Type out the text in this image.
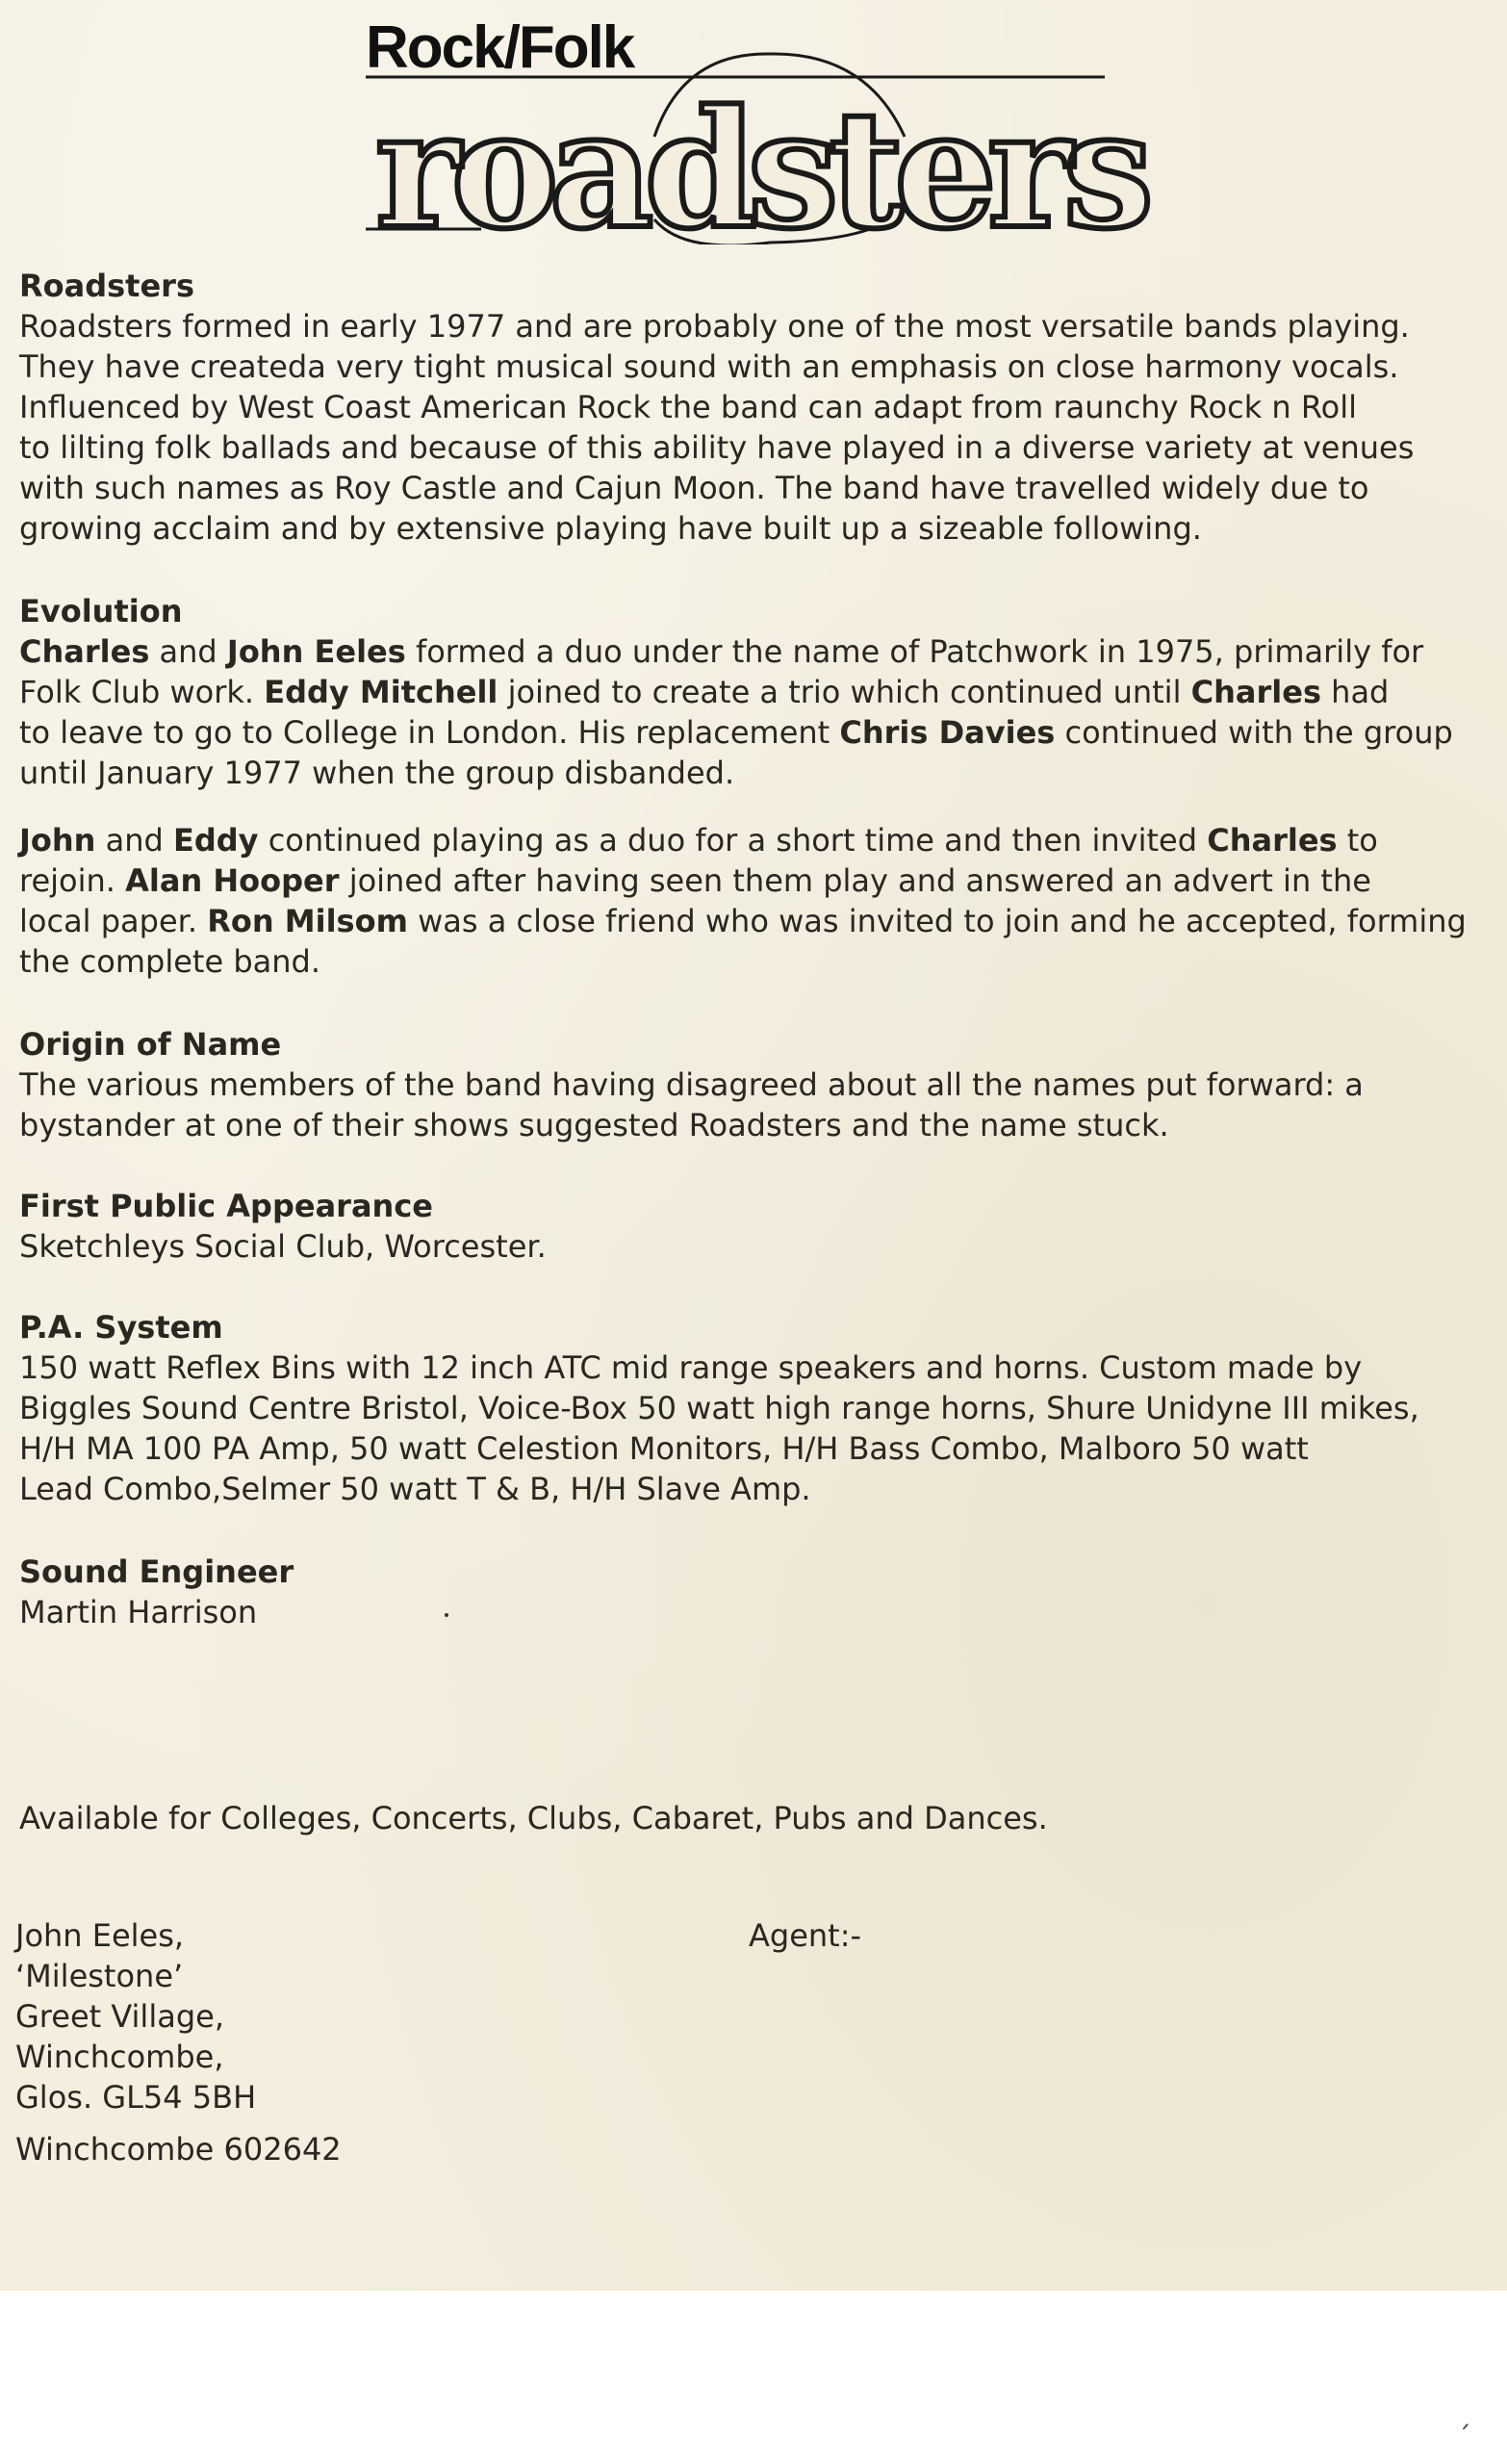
Rock/Folk
roadsters
Roadsters
Roadsters formed in early 1977 and are probably one of the most versatile bands playing.
They have createda very tight musical sound with an emphasis on close harmony vocals.
Influenced by West Coast American Rock the band can adapt from raunchy Rock n Roll
to lilting folk ballads and because of this ability have played in a diverse variety at venues
with such names as Roy Castle and Cajun Moon. The band have travelled widely due to
growing acclaim and by extensive playing have built up a sizeable following.
Evolution
Charles and John Eeles formed a duo under the name of Patchwork in 1975, primarily for
Folk Club work. Eddy Mitchell joined to create a trio which continued until Charles had
to leave to go to College in London. His replacement Chris Davies continued with the group
until January 1977 when the group disbanded.
John and Eddy continued playing as a duo for a short time and then invited Charles to
rejoin. Alan Hooper joined after having seen them play and answered an advert in the
local paper. Ron Milsom was a close friend who was invited to join and he accepted, forming
the complete band.
Origin of Name
The various members of the band having disagreed about all the names put forward: a
bystander at one of their shows suggested Roadsters and the name stuck.
First Public Appearance
Sketchleys Social Club, Worcester.
P.A. System
150 watt Reflex Bins with 12 inch ATC mid range speakers and horns. Custom made by
Biggles Sound Centre Bristol, Voice-Box 50 watt high range horns, Shure Unidyne III mikes,
H/H MA 100 PA Amp, 50 watt Celestion Monitors, H/H Bass Combo, Malboro 50 watt
Lead Combo,Selmer 50 watt T & B, H/H Slave Amp.
Sound Engineer
Martin Harrison
Available for Colleges, Concerts, Clubs, Cabaret, Pubs and Dances.
John Eeles,
‘Milestone’
Greet Village,
Winchcombe,
Glos. GL54 5BH
Winchcombe 602642
Agent:-
ˏ
